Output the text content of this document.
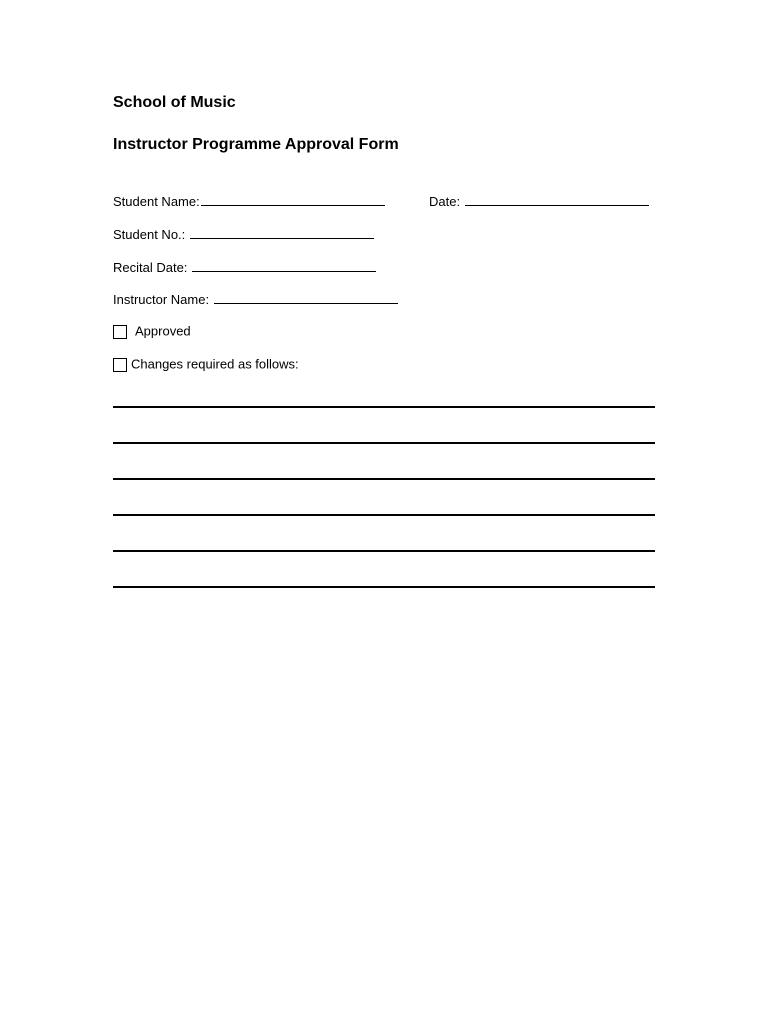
School of Music
Instructor Programme Approval Form
Student Name:	Date:
Student No.:
Recital Date:
Instructor Name:
Approved
Changes required as follows:
